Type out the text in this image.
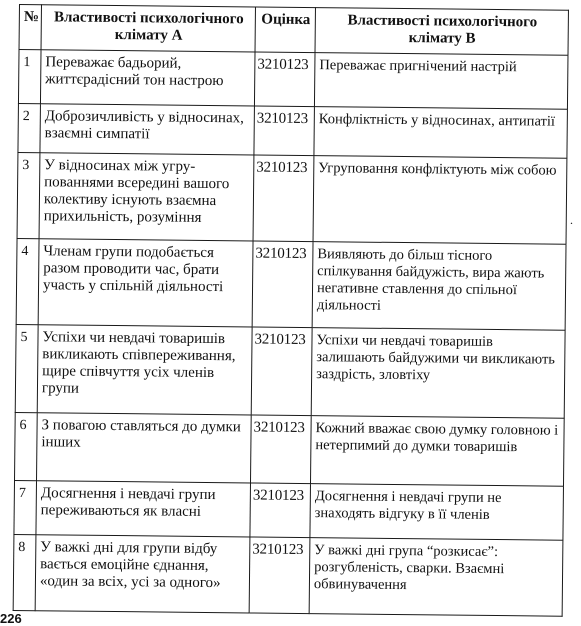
№	Властивості психологічного клімату А	Оцінка	Властивості психологічного клімату В
1	Переважає бадьорий, життєрадісний тон настрою	3210123	Переважає пригнічений настрій
2	Доброзичливість у відносинах, взаємні симпатії	3210123	Конфліктність у відносинах, антипатії
3	У відносинах між угру-пованнями всередині вашого колективу існують взаємна прихильність, розуміння	3210123	Угруповання конфліктують між собою
4	Членам групи подобається разом проводити час, брати участь у спільній діяльності	3210123	Виявляють до більш тісного спілкування байдужість, вира жають негативне ставлення до спільної діяльності
5	Успіхи чи невдачі товаришів викликають співпереживання, щире співчуття усіх членів групи	3210123	Успіхи чи невдачі товаришів залишають байдужими чи викликають заздрість, зловтіху
6	З повагою ставляться до думки інших	3210123	Кожний вважає свою думку головною і нетерпимий до думки товаришів
7	Досягнення і невдачі групи переживаються як власні	3210123	Досягнення і невдачі групи не знаходять відгуку в її членів
8	У важкі дні для групи відбу вається емоційне єднання, «один за всіх, усі за одного»	3210123	У важкі дні група “розкисає”: розгубленість, сварки. Взаємні обвинувачення
.
226
